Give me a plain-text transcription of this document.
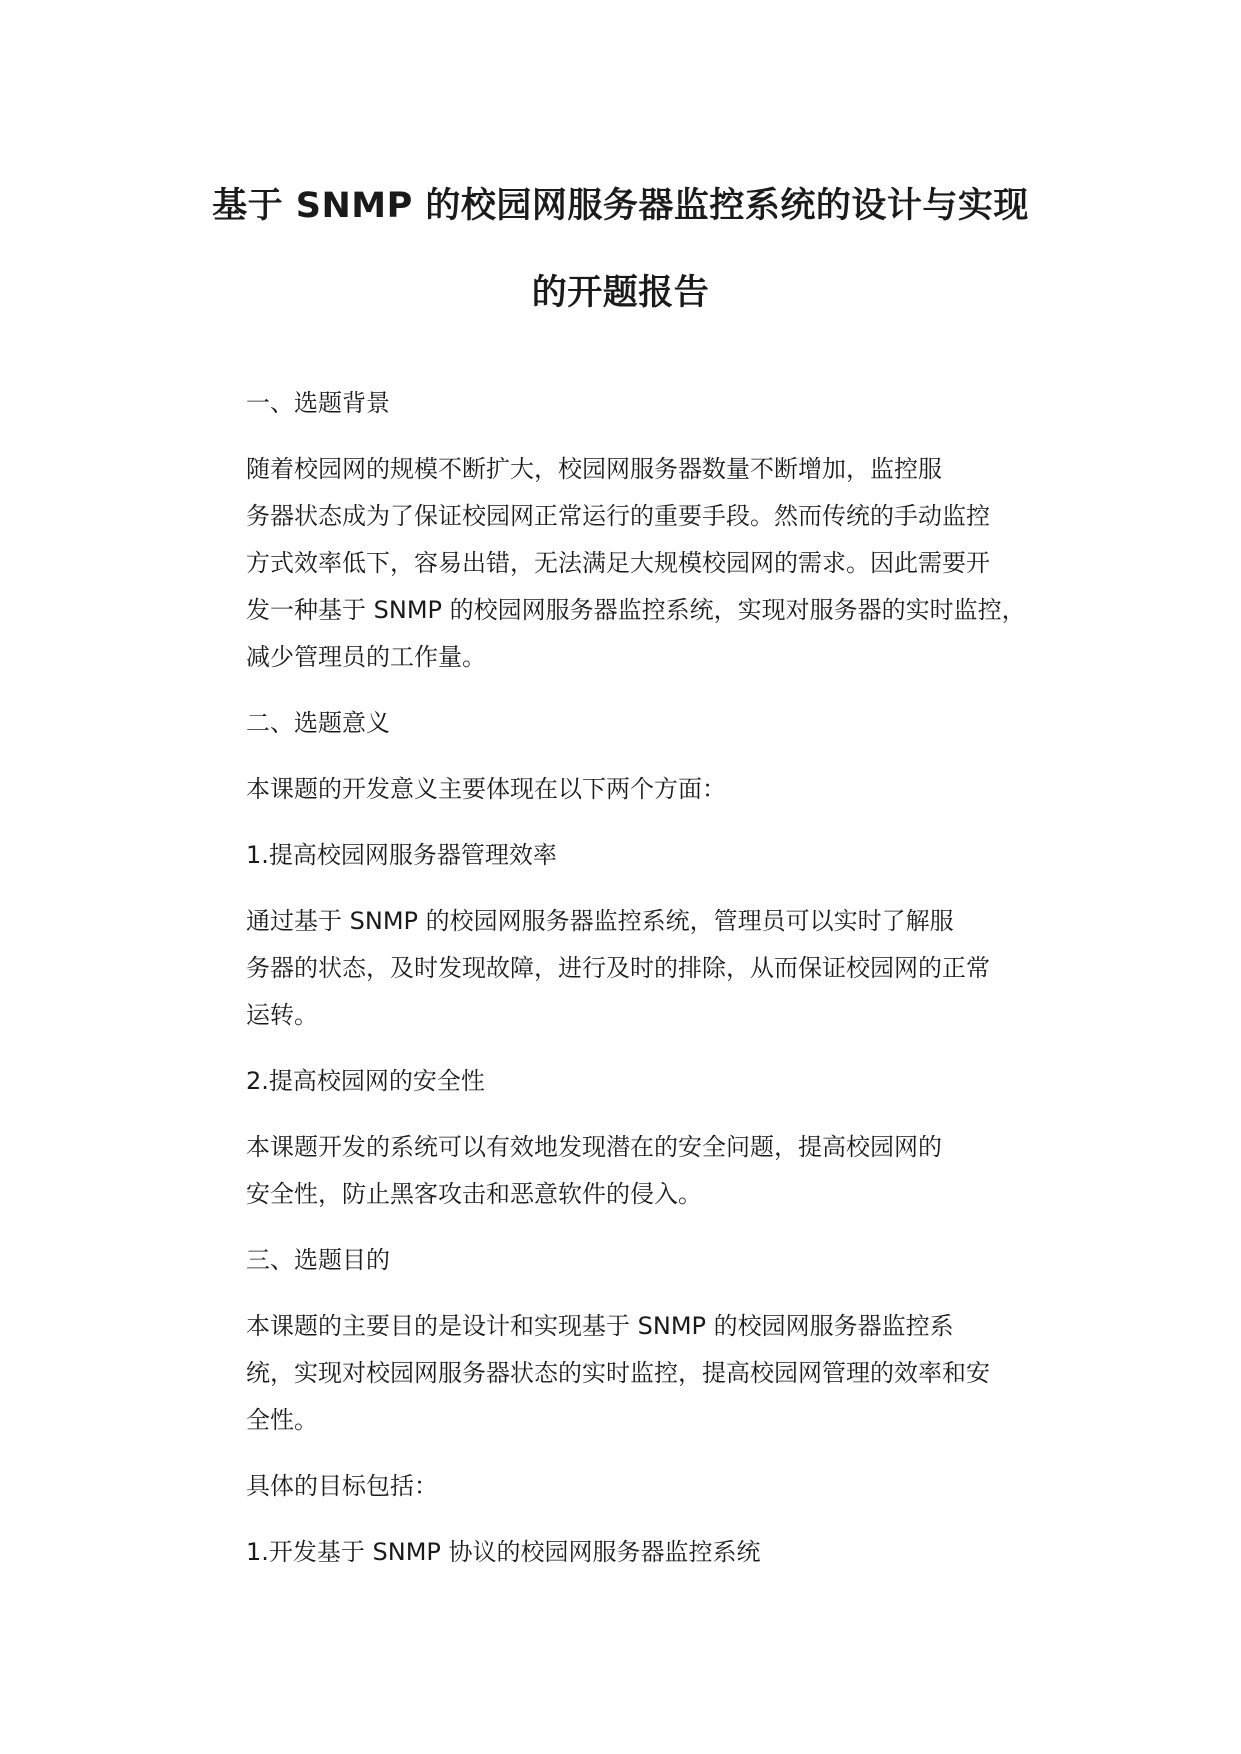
基于 SNMP 的校园网服务器监控系统的设计与实现
的开题报告

一、选题背景

随着校园网的规模不断扩大，校园网服务器数量不断增加，监控服
务器状态成为了保证校园网正常运行的重要手段。然而传统的手动监控
方式效率低下，容易出错，无法满足大规模校园网的需求。因此需要开
发一种基于 SNMP 的校园网服务器监控系统，实现对服务器的实时监控，
减少管理员的工作量。

二、选题意义

本课题的开发意义主要体现在以下两个方面：

1.提高校园网服务器管理效率

通过基于 SNMP 的校园网服务器监控系统，管理员可以实时了解服
务器的状态，及时发现故障，进行及时的排除，从而保证校园网的正常
运转。

2.提高校园网的安全性

本课题开发的系统可以有效地发现潜在的安全问题，提高校园网的
安全性，防止黑客攻击和恶意软件的侵入。

三、选题目的

本课题的主要目的是设计和实现基于 SNMP 的校园网服务器监控系
统，实现对校园网服务器状态的实时监控，提高校园网管理的效率和安
全性。

具体的目标包括：

1.开发基于 SNMP 协议的校园网服务器监控系统
